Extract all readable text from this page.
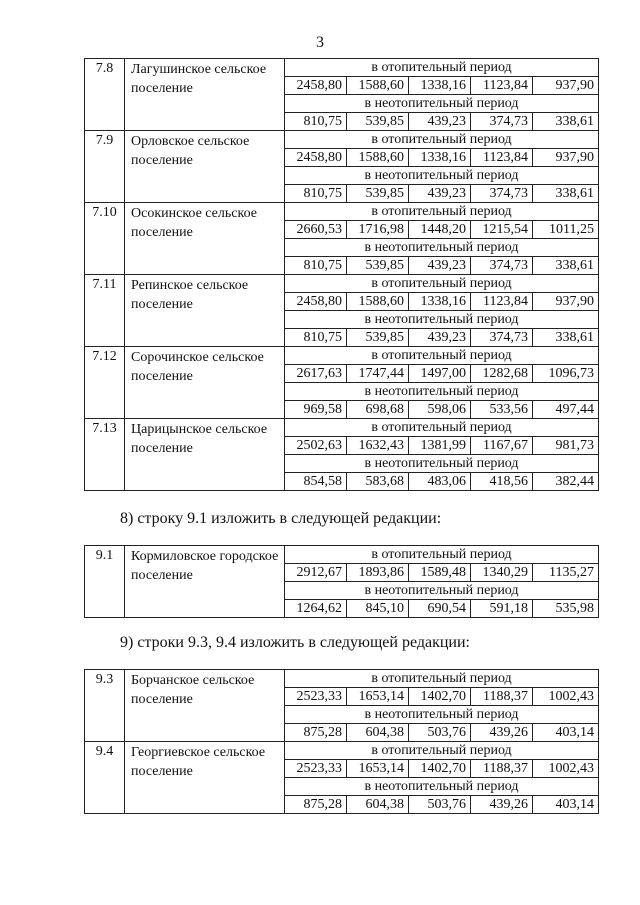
3
7.8	Лагушинское сельское поселение	в отопительный период				
		2458,80	1588,60	1338,16	1123,84	937,90
		в неотопительный период				
		810,75	539,85	439,23	374,73	338,61
7.9	Орловское сельское поселение	в отопительный период				
		2458,80	1588,60	1338,16	1123,84	937,90
		в неотопительный период				
		810,75	539,85	439,23	374,73	338,61
7.10	Осокинское сельское поселение	в отопительный период				
		2660,53	1716,98	1448,20	1215,54	1011,25
		в неотопительный период				
		810,75	539,85	439,23	374,73	338,61
7.11	Репинское сельское поселение	в отопительный период				
		2458,80	1588,60	1338,16	1123,84	937,90
		в неотопительный период				
		810,75	539,85	439,23	374,73	338,61
7.12	Сорочинское сельское поселение	в отопительный период				
		2617,63	1747,44	1497,00	1282,68	1096,73
		в неотопительный период				
		969,58	698,68	598,06	533,56	497,44
7.13	Царицынское сельское поселение	в отопительный период				
		2502,63	1632,43	1381,99	1167,67	981,73
		в неотопительный период				
		854,58	583,68	483,06	418,56	382,44
8) строку 9.1 изложить в следующей редакции:
9.1	Кормиловское городское поселение	в отопительный период				
		2912,67	1893,86	1589,48	1340,29	1135,27
		в неотопительный период				
		1264,62	845,10	690,54	591,18	535,98
9) строки 9.3, 9.4 изложить в следующей редакции:
9.3	Борчанское сельское поселение	в отопительный период				
		2523,33	1653,14	1402,70	1188,37	1002,43
		в неотопительный период				
		875,28	604,38	503,76	439,26	403,14
9.4	Георгиевское сельское поселение	в отопительный период				
		2523,33	1653,14	1402,70	1188,37	1002,43
		в неотопительный период				
		875,28	604,38	503,76	439,26	403,14
